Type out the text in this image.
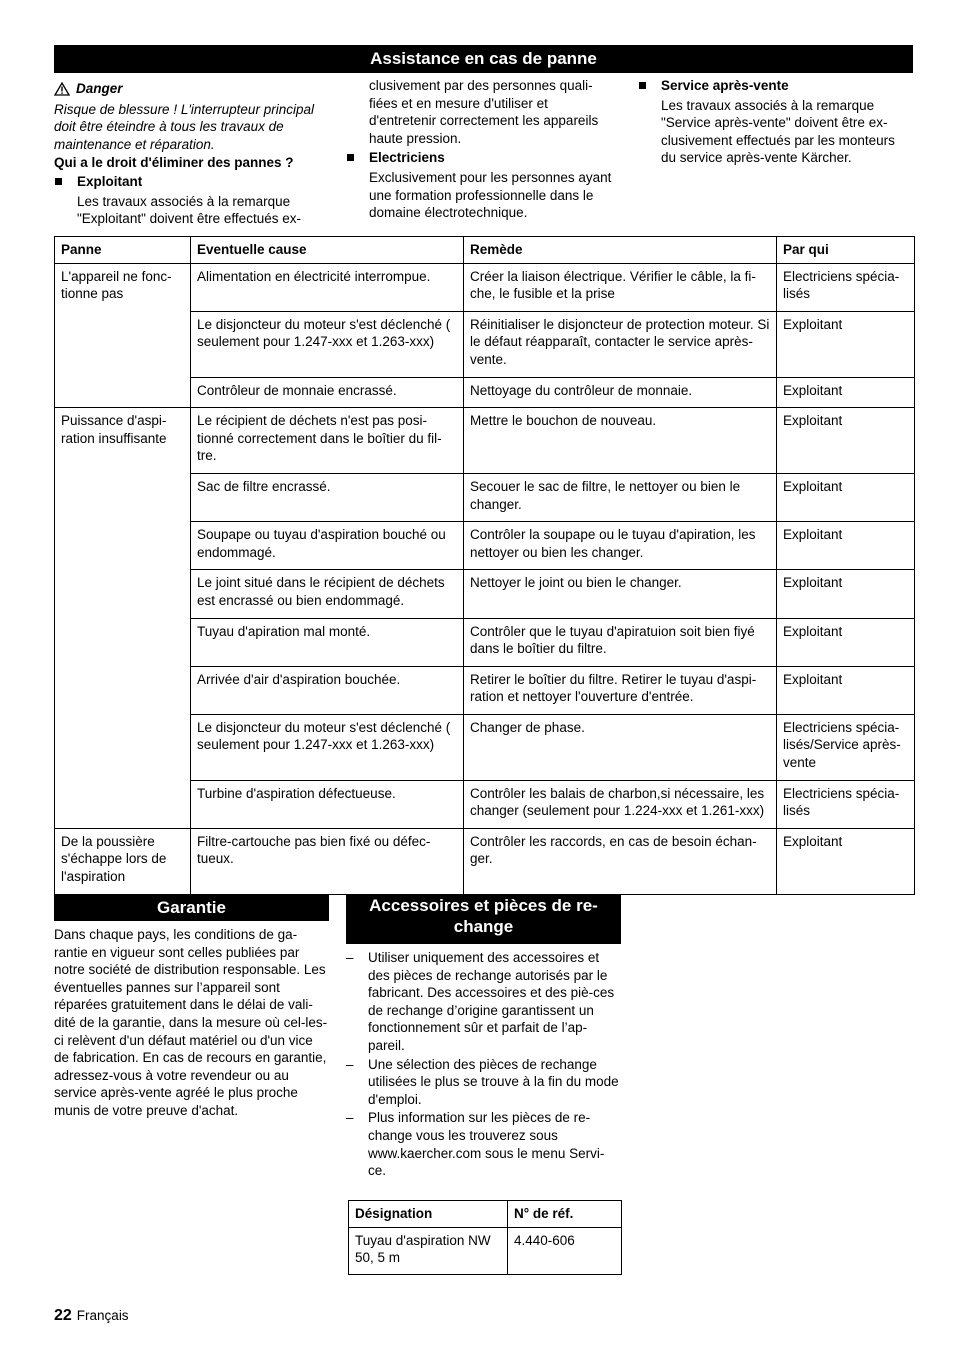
Assistance en cas de panne
Danger

Risque de blessure ! L'interrupteur principal doit être éteindre à tous les travaux de maintenance et réparation.

Qui a le droit d'éliminer des pannes ?

Exploitant

Les travaux associés à la remarque "Exploitant" doivent être effectués ex-

clusivement par des personnes quali-fiées et en mesure d'utiliser et d'entretenir correctement les appareils haute pression.

Electriciens

Exclusivement pour les personnes ayant une formation professionnelle dans le domaine électrotechnique.

Service après-vente

Les travaux associés à la remarque "Service après-vente" doivent être ex-clusivement effectués par les monteurs du service après-vente Kärcher.

Panne	Eventuelle cause	Remède	Par qui
L'appareil ne fonc-tionne pas	Alimentation en électricité interrompue.	Créer la liaison électrique. Vérifier le câble, la fi-che, le fusible et la prise	Electriciens spécia-lisés
	Le disjoncteur du moteur s'est déclenché ( seulement pour 1.247-xxx et 1.263-xxx)	Réinitialiser le disjoncteur de protection moteur. Si le défaut réapparaît, contacter le service après-vente.	Exploitant
	Contrôleur de monnaie encrassé.	Nettoyage du contrôleur de monnaie.	Exploitant
Puissance d'aspi-ration insuffisante	Le récipient de déchets n'est pas posi-tionné correctement dans le boîtier du fil-tre.	Mettre le bouchon de nouveau.	Exploitant
	Sac de filtre encrassé.	Secouer le sac de filtre, le nettoyer ou bien le changer.	Exploitant
	Soupape ou tuyau d'aspiration bouché ou endommagé.	Contrôler la soupape ou le tuyau d'apiration, les nettoyer ou bien les changer.	Exploitant
	Le joint situé dans le récipient de déchets est encrassé ou bien endommagé.	Nettoyer le joint ou bien le changer.	Exploitant
	Tuyau d'apiration mal monté.	Contrôler que le tuyau d'apiratuion soit bien fiyé dans le boîtier du filtre.	Exploitant
	Arrivée d'air d'aspiration bouchée.	Retirer le boîtier du filtre. Retirer le tuyau d'aspi-ration et nettoyer l'ouverture d'entrée.	Exploitant
	Le disjoncteur du moteur s'est déclenché ( seulement pour 1.247-xxx et 1.263-xxx)	Changer de phase.	Electriciens spécia-lisés/Service après-vente
	Turbine d'aspiration défectueuse.	Contrôler les balais de charbon,si nécessaire, les changer (seulement pour 1.224-xxx et 1.261-xxx)	Electriciens spécia-lisés
De la poussière s'échappe lors de l'aspiration	Filtre-cartouche pas bien fixé ou défec-tueux.	Contrôler les raccords, en cas de besoin échan-ger.	Exploitant
Garantie

Dans chaque pays, les conditions de ga-rantie en vigueur sont celles publiées par notre société de distribution responsable. Les éventuelles pannes sur l’appareil sont réparées gratuitement dans le délai de vali-dité de la garantie, dans la mesure où cel-les-ci relèvent d'un défaut matériel ou d'un vice de fabrication. En cas de recours en garantie, adressez-vous à votre revendeur ou au service après-vente agréé le plus proche munis de votre preuve d'achat.

Accessoires et pièces de re-change
– Utiliser uniquement des accessoires et des pièces de rechange autorisés par le fabricant. Des accessoires et des piè-ces de rechange d’origine garantissent un fonctionnement sûr et parfait de l’ap-pareil.
– Une sélection des pièces de rechange utilisées le plus se trouve à la fin du mode d'emploi.
– Plus information sur les pièces de re-change vous les trouverez sous www.kaercher.com sous le menu Servi-ce.
Désignation	N° de réf.
Tuyau d'aspiration NW 50, 5 m	4.440-606
22 Français
